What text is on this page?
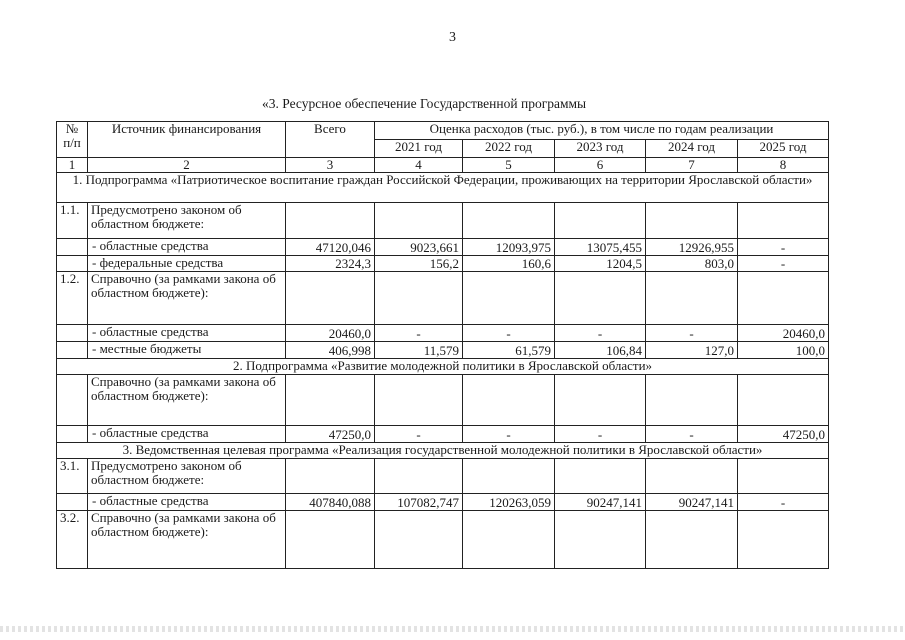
3
«3. Ресурсное обеспечение Государственной программы
№ п/п	Источник финансирования	Всего	Оценка расходов (тыс. руб.), в том числе по годам реализации				
			2021 год	2022 год	2023 год	2024 год	2025 год
1	2	3	4	5	6	7	8
1. Подпрограмма «Патриотическое воспитание граждан Российской Федерации, проживающих на территории Ярославской области»							
1.1.	Предусмотрено законом об областном бюджете:						
	- областные средства	47120,046	9023,661	12093,975	13075,455	12926,955	-
	- федеральные средства	2324,3	156,2	160,6	1204,5	803,0	-
1.2.	Справочно (за рамками закона об областном бюджете):						
	- областные средства	20460,0	-	-	-	-	20460,0
	- местные бюджеты	406,998	11,579	61,579	106,84	127,0	100,0
2. Подпрограмма «Развитие молодежной политики в Ярославской области»							
	Справочно (за рамками закона об областном бюджете):						
	- областные средства	47250,0	-	-	-	-	47250,0
3. Ведомственная целевая программа «Реализация государственной молодежной политики в Ярославской области»							
3.1.	Предусмотрено законом об областном бюджете:						
	- областные средства	407840,088	107082,747	120263,059	90247,141	90247,141	-
3.2.	Справочно (за рамками закона об областном бюджете):						
